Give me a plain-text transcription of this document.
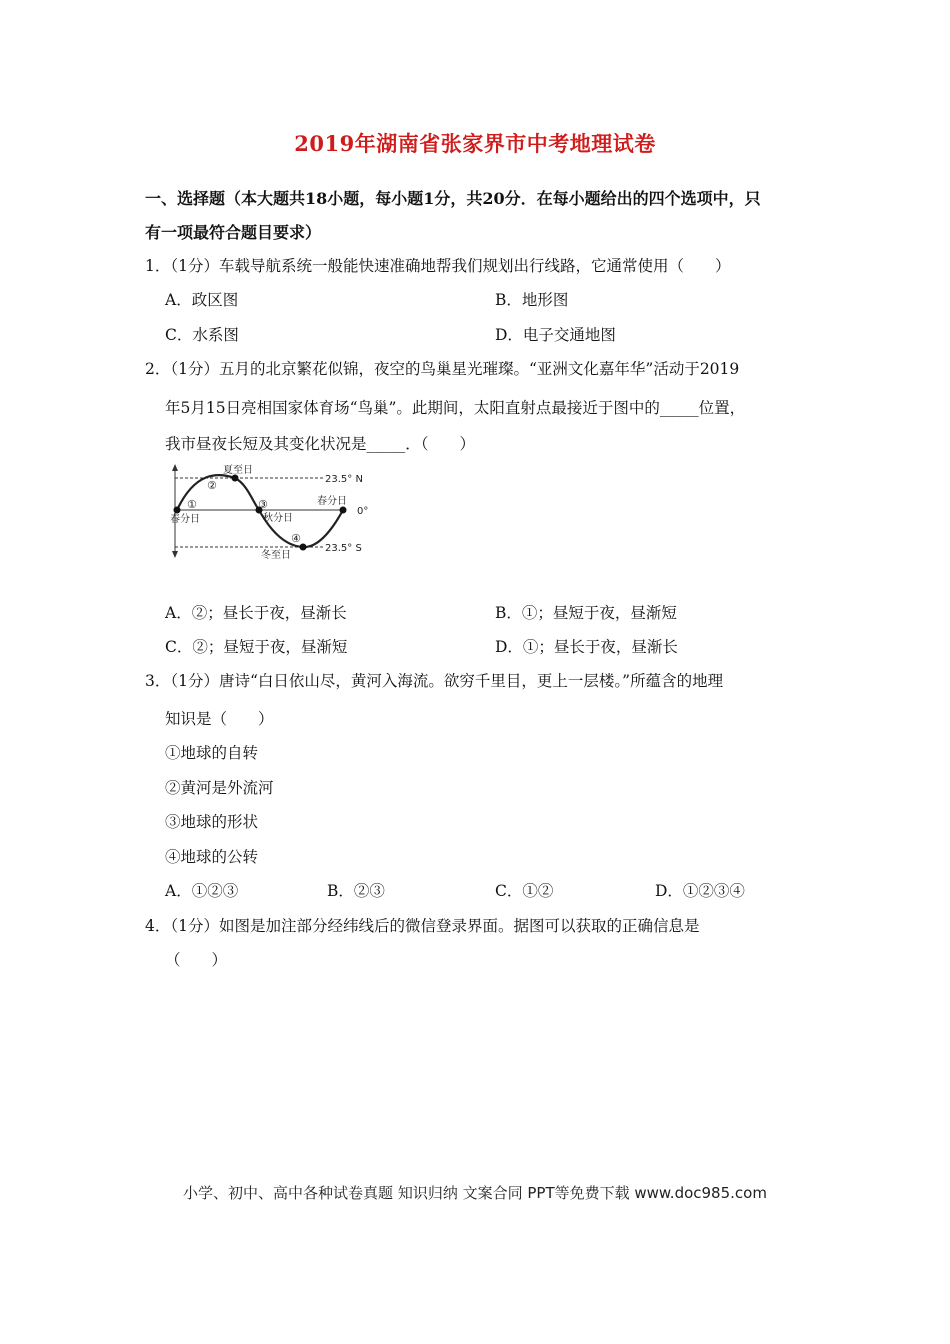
2019年湖南省张家界市中考地理试卷
一、选择题（本大题共18小题，每小题1分，共20分．在每小题给出的四个选项中，只
有一项最符合题目要求）
1．（1分）车载导航系统一般能快速准确地帮我们规划出行线路，它通常使用（　　）
A．政区图	B．地形图
C．水系图	D．电子交通地图
2．（1分）五月的北京繁花似锦，夜空的鸟巢星光璀璨。“亚洲文化嘉年华”活动于2019
年5月15日亮相国家体育场“鸟巢”。此期间，太阳直射点最接近于图中的_____位置，
我市昼夜长短及其变化状况是_____．（　　）
①
②
③
④
夏至日
春分日	秋分日
春分日
冬至日
23.5° N
0°
23.5° S
A．②；昼长于夜，昼渐长	B．①；昼短于夜，昼渐短
C．②；昼短于夜，昼渐短	D．①；昼长于夜，昼渐长
3．（1分）唐诗“白日依山尽，黄河入海流。欲穷千里目，更上一层楼。”所蕴含的地理
知识是（　　）
①地球的自转
②黄河是外流河
③地球的形状
④地球的公转
A．①②③	B．②③	C．①②	D．①②③④
4．（1分）如图是加注部分经纬线后的微信登录界面。据图可以获取的正确信息是
（　　）
小学、初中、高中各种试卷真题 知识归纳 文案合同 PPT等免费下载 www.doc985.com
